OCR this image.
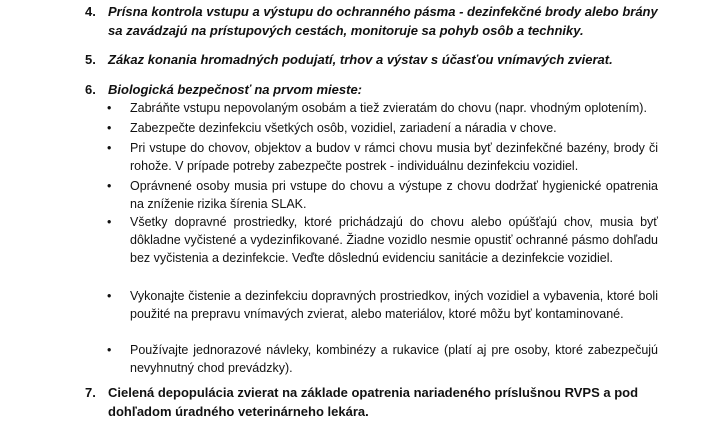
4. Prísna kontrola vstupu a výstupu do ochranného pásma - dezinfekčné brody alebo brány sa zavádzajú na prístupových cestách, monitoruje sa pohyb osôb a techniky.
5. Zákaz konania hromadných podujatí, trhov a výstav s účasťou vnímavých zvierat.
6. Biologická bezpečnosť na prvom mieste:
• Zabráňte vstupu nepovolaným osobám a tiež zvieratám do chovu (napr. vhodným oplotením).
• Zabezpečte dezinfekciu všetkých osôb, vozidiel, zariadení a náradia v chove.
• Pri vstupe do chovov, objektov a budov v rámci chovu musia byť dezinfekčné bazény, brody či rohože. V prípade potreby zabezpečte postrek - individuálnu dezinfekciu vozidiel.
• Oprávnené osoby musia pri vstupe do chovu a výstupe z chovu dodržať hygienické opatrenia na zníženie rizika šírenia SLAK.
• Všetky dopravné prostriedky, ktoré prichádzajú do chovu alebo opúšťajú chov, musia byť dôkladne vyčistené a vydezinfikované. Žiadne vozidlo nesmie opustiť ochranné pásmo dohľadu bez vyčistenia a dezinfekcie. Veďte dôslednú evidenciu sanitácie a dezinfekcie vozidiel.
• Vykonajte čistenie a dezinfekciu dopravných prostriedkov, iných vozidiel a vybavenia, ktoré boli použité na prepravu vnímavých zvierat, alebo materiálov, ktoré môžu byť kontaminované.
• Používajte jednorazové návleky, kombinézy a rukavice (platí aj pre osoby, ktoré zabezpečujú nevyhnutný chod prevádzky).
7. Cielená depopulácia zvierat na základe opatrenia nariadeného príslušnou RVPS a pod dohľadom úradného veterinárneho lekára.
